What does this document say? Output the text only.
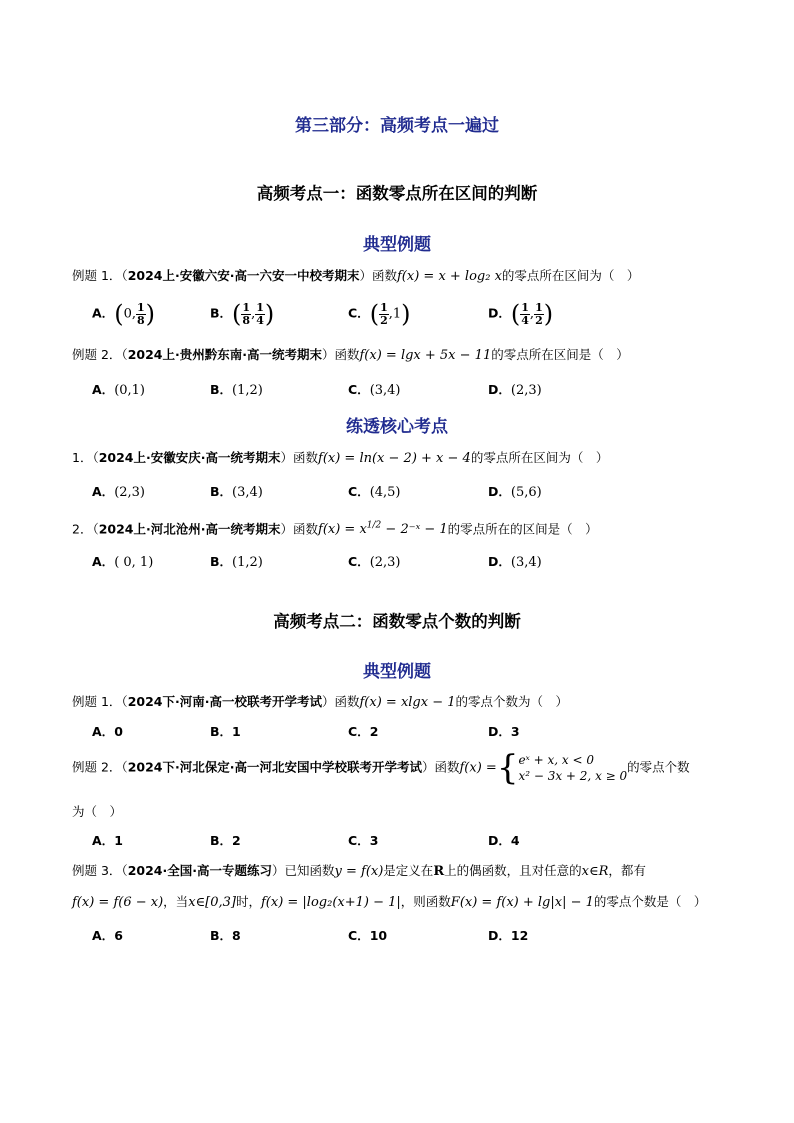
第三部分：高频考点一遍过
高频考点一：函数零点所在区间的判断
典型例题
例题 1．（2024上·安徽六安·高一六安一中校考期末）函数f(x) = x + log₂ x的零点所在区间为（　）
A．(0, $\frac{1}{8}$ )	B．( $\frac{1}{8}$ , $\frac{1}{4}$ )	C．( $\frac{1}{2} ,1$)	D．( $\frac{1}{4}$ , $\frac{1}{2}$ )
例题 2．（2024上·贵州黔东南·高一统考期末）函数f(x) = lgx + 5x − 11的零点所在区间是（　）
A．(0,1)	B．(1,2)	C．(3,4)	D．(2,3)
练透核心考点
1．（2024上·安徽安庆·高一统考期末）函数f(x) = ln(x − 2) + x − 4的零点所在区间为（　）
A．(2,3)	B．(3,4)	C．(4,5)	D．(5,6)
2．（2024上·河北沧州·高一统考期末）函数$f(x) = x^{1/2}$ − 2⁻ˣ − 1的零点所在的区间是（　）
A．( 0, 1)	B．(1,2)	C．(2,3)	D．(3,4)
高频考点二：函数零点个数的判断
典型例题
例题 1．（2024下·河南·高一校联考开学考试）函数f(x) = xlgx − 1的零点个数为（　）
A．0	B．1	C．2	D．3
例题 2．（2024下·河北保定·高一河北安国中学校联考开学考试）函数f(x) ={ eˣ + x, x < 0
x² − 3x + 2, x ≥ 0
的零点个数
为（　）
A．1	B．2	C．3	D．4
例题 3．（2024·全国·高一专题练习）已知函数y = f(x)是定义在R上的偶函数，且对任意的x∈R，都有
f(x) = f(6 − x)，当x∈[0,3]时，f(x) = |log₂(x+1) − 1|，则函数F(x) = f(x) + lg|x| − 1的零点个数是（　）
A．6	B．8	C．10	D．12
